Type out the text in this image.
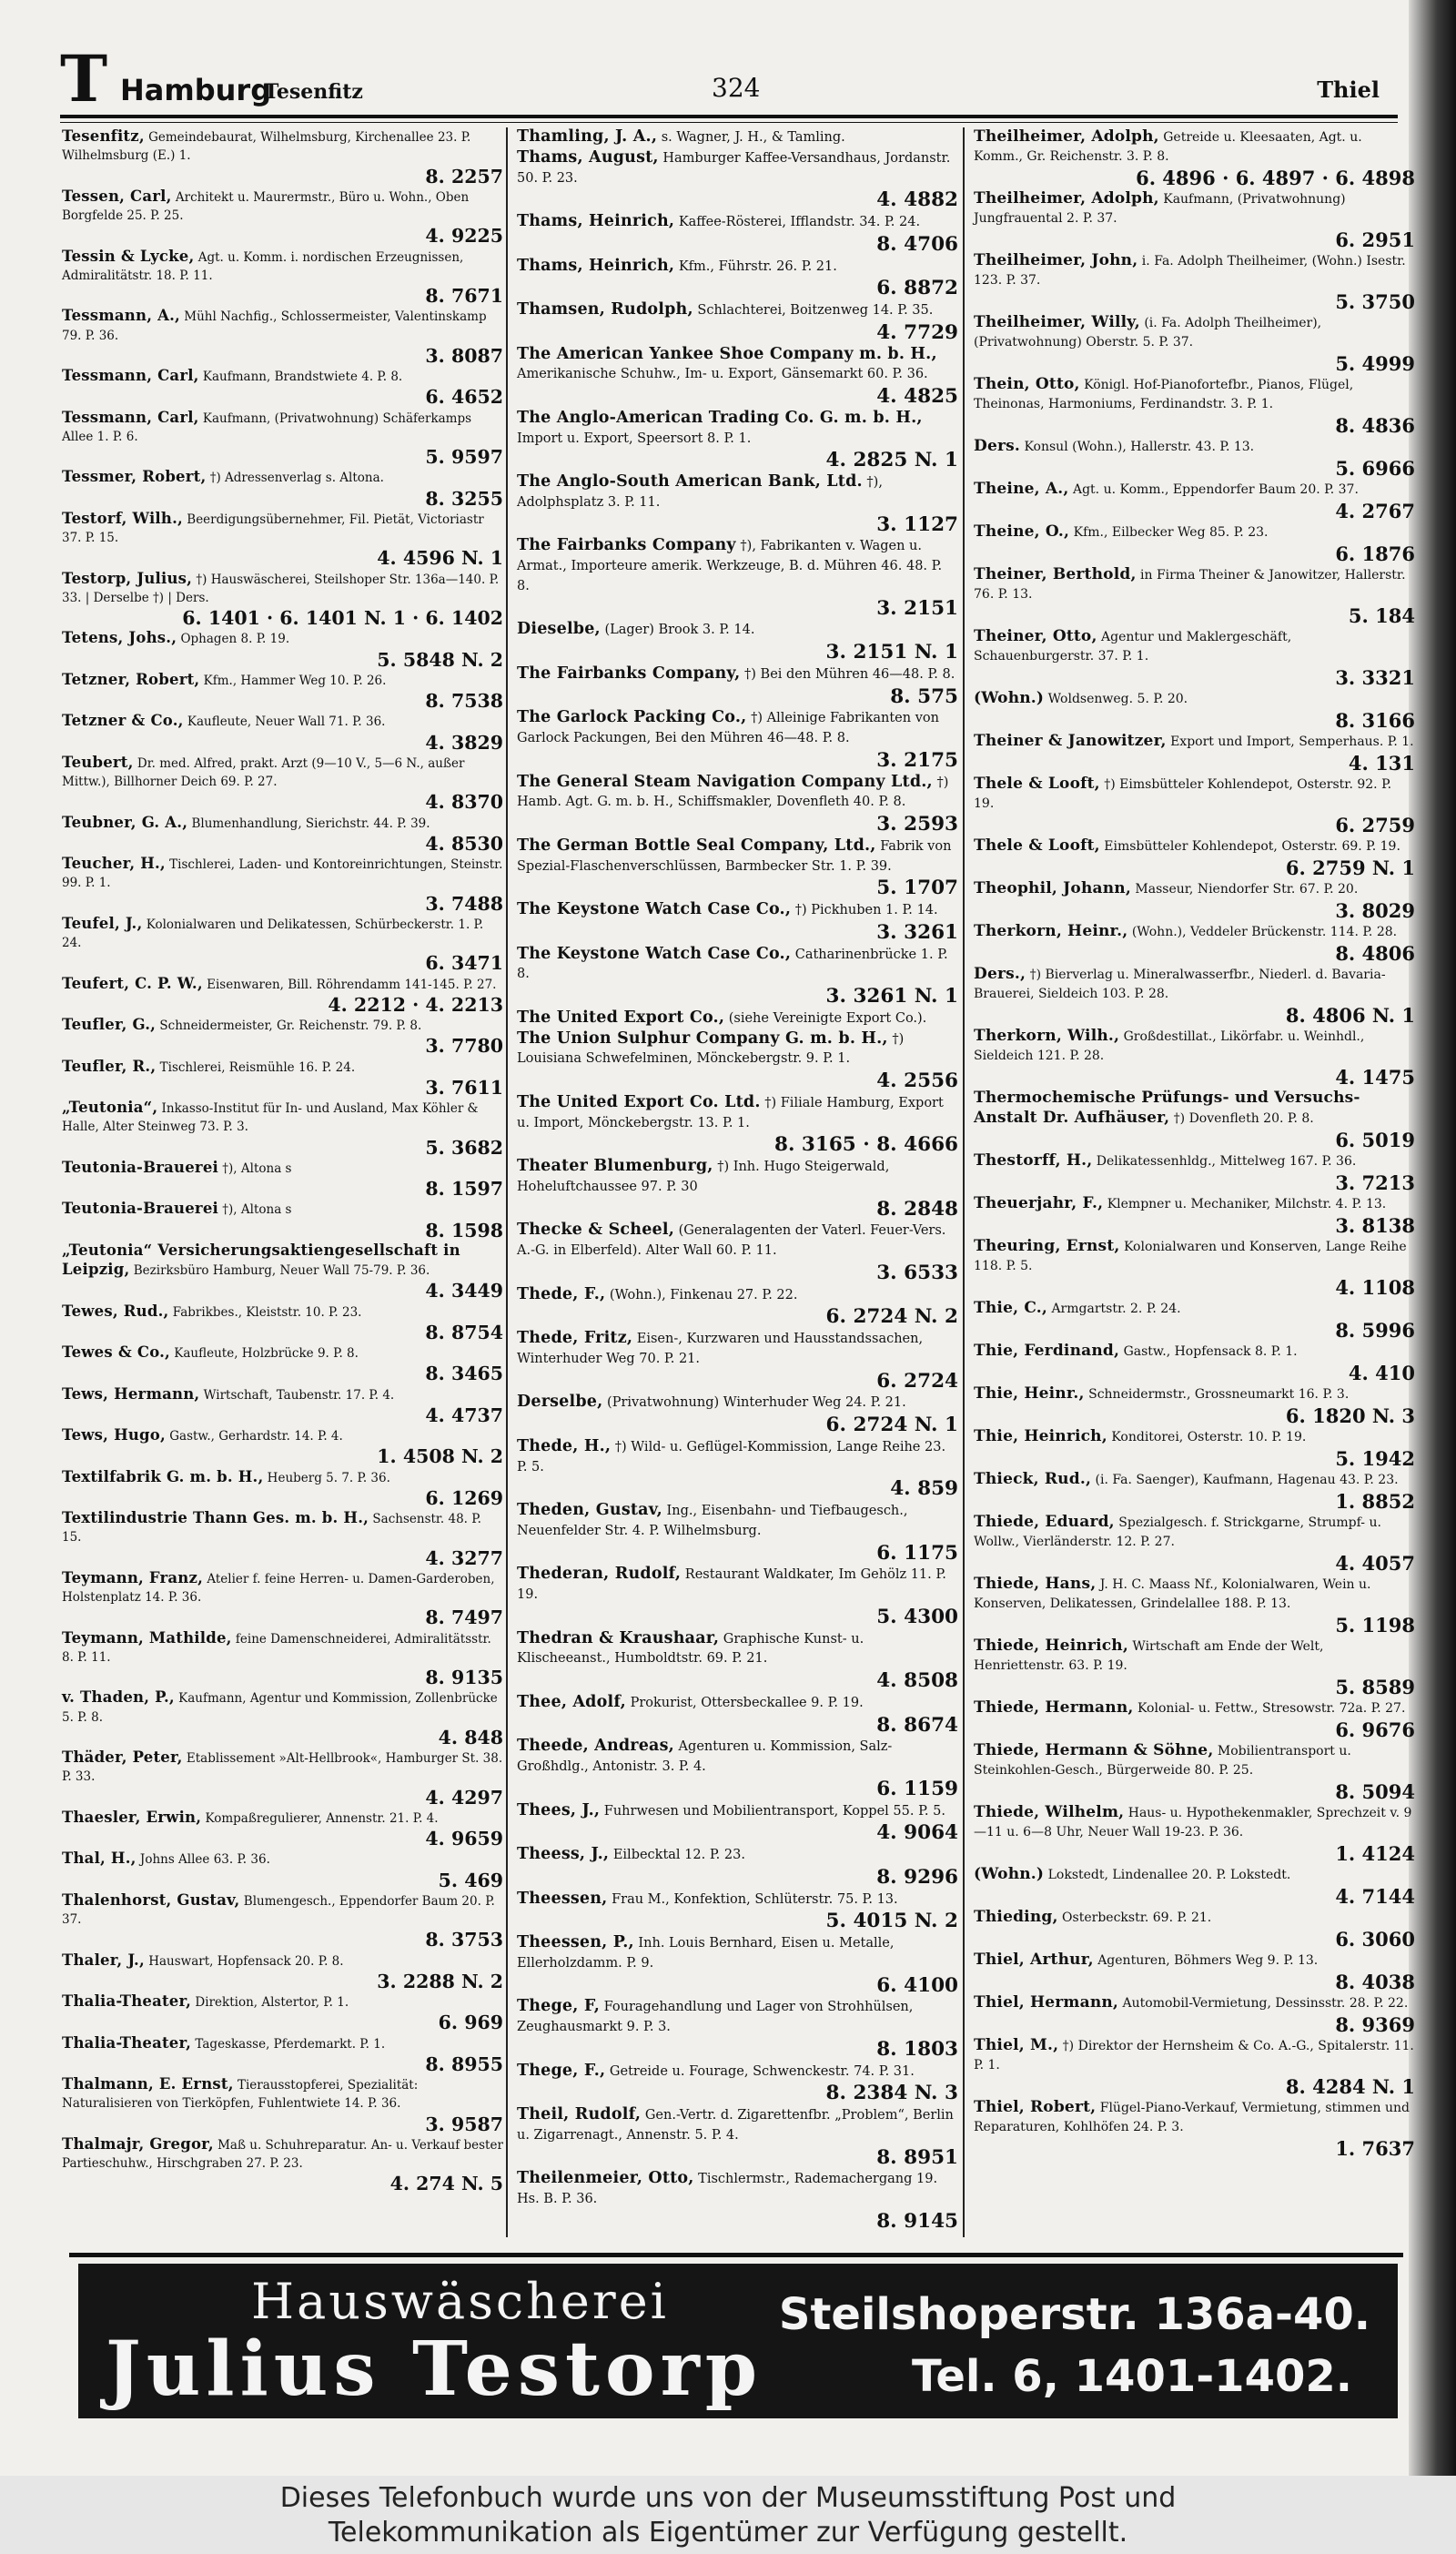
T Hamburg
Tesenfitz	324	Thiel
Tesenfitz, Gemeindebaurat, Wilhelmsburg, Kirchenallee 23. P. Wilhelmsburg (E.) 1.
8. 2257
Tessen, Carl, Architekt u. Maurermstr., Büro u. Wohn., Oben Borgfelde 25. P. 25.
4. 9225
Tessin & Lycke, Agt. u. Komm. i. nordischen Erzeugnissen, Admiralitätstr. 18. P. 11.
8. 7671
Tessmann, A., Mühl Nachfig., Schlossermeister, Valentinskamp 79. P. 36.
3. 8087
Tessmann, Carl, Kaufmann, Brandstwiete 4. P. 8.
6. 4652
Tessmann, Carl, Kaufmann, (Privatwohnung) Schäferkamps Allee 1. P. 6.
5. 9597
Tessmer, Robert, †) Adressenverlag s. Altona.
8. 3255
Testorf, Wilh., Beerdigungsübernehmer, Fil. Pietät, Victoriastr 37. P. 15.
4. 4596 N. 1
Testorp, Julius, †) Hauswäscherei, Steilshoper Str. 136a—140. P. 33. | Derselbe †) | Ders.
6. 1401 · 6. 1401 N. 1 · 6. 1402
Tetens, Johs., Ophagen 8. P. 19.
5. 5848 N. 2
Tetzner, Robert, Kfm., Hammer Weg 10. P. 26.
8. 7538
Tetzner & Co., Kaufleute, Neuer Wall 71. P. 36.
4. 3829
Teubert, Dr. med. Alfred, prakt. Arzt (9—10 V., 5—6 N., außer Mittw.), Billhorner Deich 69. P. 27.
4. 8370
Teubner, G. A., Blumenhandlung, Sierichstr. 44. P. 39.
4. 8530
Teucher, H., Tischlerei, Laden- und Kontoreinrichtungen, Steinstr. 99. P. 1.
3. 7488
Teufel, J., Kolonialwaren und Delikatessen, Schürbeckerstr. 1. P. 24.
6. 3471
Teufert, C. P. W., Eisenwaren, Bill. Röhrendamm 141-145. P. 27.
4. 2212 · 4. 2213
Teufler, G., Schneidermeister, Gr. Reichenstr. 79. P. 8.
3. 7780
Teufler, R., Tischlerei, Reismühle 16. P. 24.
3. 7611
„Teutonia“, Inkasso-Institut für In- und Ausland, Max Köhler & Halle, Alter Steinweg 73. P. 3.
5. 3682
Teutonia-Brauerei †), Altona s
8. 1597
Teutonia-Brauerei †), Altona s
8. 1598
„Teutonia“ Versicherungsaktiengesellschaft in Leipzig, Bezirksbüro Hamburg, Neuer Wall 75-79. P. 36.
4. 3449
Tewes, Rud., Fabrikbes., Kleiststr. 10. P. 23.
8. 8754
Tewes & Co., Kaufleute, Holzbrücke 9. P. 8.
8. 3465
Tews, Hermann, Wirtschaft, Taubenstr. 17. P. 4.
4. 4737
Tews, Hugo, Gastw., Gerhardstr. 14. P. 4.
1. 4508 N. 2
Textilfabrik G. m. b. H., Heuberg 5. 7. P. 36.
6. 1269
Textilindustrie Thann Ges. m. b. H., Sachsenstr. 48. P. 15.
4. 3277
Teymann, Franz, Atelier f. feine Herren- u. Damen-Garderoben, Holstenplatz 14. P. 36.
8. 7497
Teymann, Mathilde, feine Damenschneiderei, Admiralitätsstr. 8. P. 11.
8. 9135
v. Thaden, P., Kaufmann, Agentur und Kommission, Zollenbrücke 5. P. 8.
4. 848
Thäder, Peter, Etablissement »Alt-Hellbrook«, Hamburger St. 38. P. 33.
4. 4297
Thaesler, Erwin, Kompaßregulierer, Annenstr. 21. P. 4.
4. 9659
Thal, H., Johns Allee 63. P. 36.
5. 469
Thalenhorst, Gustav, Blumengesch., Eppendorfer Baum 20. P. 37.
8. 3753
Thaler, J., Hauswart, Hopfensack 20. P. 8.
3. 2288 N. 2
Thalia-Theater, Direktion, Alstertor, P. 1.
6. 969
Thalia-Theater, Tageskasse, Pferdemarkt. P. 1.
8. 8955
Thalmann, E. Ernst, Tierausstopferei, Spezialität: Naturalisieren von Tierköpfen, Fuhlentwiete 14. P. 36.
3. 9587
Thalmajr, Gregor, Maß u. Schuhreparatur. An- u. Verkauf bester Partieschuhw., Hirschgraben 27. P. 23.
4. 274 N. 5
Thamling, J. A., s. Wagner, J. H., & Tamling.
Thams, August, Hamburger Kaffee-Versandhaus, Jordanstr. 50. P. 23.
4. 4882
Thams, Heinrich, Kaffee-Rösterei, Ifflandstr. 34. P. 24.
8. 4706
Thams, Heinrich, Kfm., Führstr. 26. P. 21.
6. 8872
Thamsen, Rudolph, Schlachterei, Boitzenweg 14. P. 35.
4. 7729
The American Yankee Shoe Company m. b. H., Amerikanische Schuhw., Im- u. Export, Gänsemarkt 60. P. 36.
4. 4825
The Anglo-American Trading Co. G. m. b. H., Import u. Export, Speersort 8. P. 1.
4. 2825 N. 1
The Anglo-South American Bank, Ltd. †), Adolphsplatz 3. P. 11.
3. 1127
The Fairbanks Company †), Fabrikanten v. Wagen u. Armat., Importeure amerik. Werkzeuge, B. d. Mühren 46. 48. P. 8.
3. 2151
Dieselbe, (Lager) Brook 3. P. 14.
3. 2151 N. 1
The Fairbanks Company, †) Bei den Mühren 46—48. P. 8.
8. 575
The Garlock Packing Co., †) Alleinige Fabrikanten von Garlock Packungen, Bei den Mühren 46—48. P. 8.
3. 2175
The General Steam Navigation Company Ltd., †) Hamb. Agt. G. m. b. H., Schiffsmakler, Dovenfleth 40. P. 8.
3. 2593
The German Bottle Seal Company, Ltd., Fabrik von Spezial-Flaschenverschlüssen, Barmbecker Str. 1. P. 39.
5. 1707
The Keystone Watch Case Co., †) Pickhuben 1. P. 14.
3. 3261
The Keystone Watch Case Co., Catharinenbrücke 1. P. 8.
3. 3261 N. 1
The United Export Co., (siehe Vereinigte Export Co.).
The Union Sulphur Company G. m. b. H., †) Louisiana Schwefelminen, Mönckebergstr. 9. P. 1.
4. 2556
The United Export Co. Ltd. †) Filiale Hamburg, Export u. Import, Mönckebergstr. 13. P. 1.
8. 3165 · 8. 4666
Theater Blumenburg, †) Inh. Hugo Steigerwald, Hoheluftchaussee 97. P. 30
8. 2848
Thecke & Scheel, (Generalagenten der Vaterl. Feuer-Vers. A.-G. in Elberfeld). Alter Wall 60. P. 11.
3. 6533
Thede, F., (Wohn.), Finkenau 27. P. 22.
6. 2724 N. 2
Thede, Fritz, Eisen-, Kurzwaren und Hausstandssachen, Winterhuder Weg 70. P. 21.
6. 2724
Derselbe, (Privatwohnung) Winterhuder Weg 24. P. 21.
6. 2724 N. 1
Thede, H., †) Wild- u. Geflügel-Kommission, Lange Reihe 23. P. 5.
4. 859
Theden, Gustav, Ing., Eisenbahn- und Tiefbaugesch., Neuenfelder Str. 4. P. Wilhelmsburg.
6. 1175
Thederan, Rudolf, Restaurant Waldkater, Im Gehölz 11. P. 19.
5. 4300
Thedran & Kraushaar, Graphische Kunst- u. Klischeeanst., Humboldtstr. 69. P. 21.
4. 8508
Thee, Adolf, Prokurist, Ottersbeckallee 9. P. 19.
8. 8674
Theede, Andreas, Agenturen u. Kommission, Salz-Großhdlg., Antonistr. 3. P. 4.
6. 1159
Thees, J., Fuhrwesen und Mobilientransport, Koppel 55. P. 5.
4. 9064
Theess, J., Eilbecktal 12. P. 23.
8. 9296
Theessen, Frau M., Konfektion, Schlüterstr. 75. P. 13.
5. 4015 N. 2
Theessen, P., Inh. Louis Bernhard, Eisen u. Metalle, Ellerholzdamm. P. 9.
6. 4100
Thege, F, Fouragehandlung und Lager von Strohhülsen, Zeughausmarkt 9. P. 3.
8. 1803
Thege, F., Getreide u. Fourage, Schwenckestr. 74. P. 31.
8. 2384 N. 3
Theil, Rudolf, Gen.-Vertr. d. Zigarettenfbr. „Problem“, Berlin u. Zigarrenagt., Annenstr. 5. P. 4.
8. 8951
Theilenmeier, Otto, Tischlermstr., Rademachergang 19. Hs. B. P. 36.
8. 9145
Theilheimer, Adolph, Getreide u. Kleesaaten, Agt. u. Komm., Gr. Reichenstr. 3. P. 8.
6. 4896 · 6. 4897 · 6. 4898
Theilheimer, Adolph, Kaufmann, (Privatwohnung) Jungfrauental 2. P. 37.
6. 2951
Theilheimer, John, i. Fa. Adolph Theilheimer, (Wohn.) Isestr. 123. P. 37.
5. 3750
Theilheimer, Willy, (i. Fa. Adolph Theilheimer), (Privatwohnung) Oberstr. 5. P. 37.
5. 4999
Thein, Otto, Königl. Hof-Pianofortefbr., Pianos, Flügel, Theinonas, Harmoniums, Ferdinandstr. 3. P. 1.
8. 4836
Ders. Konsul (Wohn.), Hallerstr. 43. P. 13.
5. 6966
Theine, A., Agt. u. Komm., Eppendorfer Baum 20. P. 37.
4. 2767
Theine, O., Kfm., Eilbecker Weg 85. P. 23.
6. 1876
Theiner, Berthold, in Firma Theiner & Janowitzer, Hallerstr. 76. P. 13.
5. 184
Theiner, Otto, Agentur und Maklergeschäft, Schauenburgerstr. 37. P. 1.
3. 3321
(Wohn.) Woldsenweg. 5. P. 20.
8. 3166
Theiner & Janowitzer, Export und Import, Semperhaus. P. 1.
4. 131
Thele & Looft, †) Eimsbütteler Kohlendepot, Osterstr. 92. P. 19.
6. 2759
Thele & Looft, Eimsbütteler Kohlendepot, Osterstr. 69. P. 19.
6. 2759 N. 1
Theophil, Johann, Masseur, Niendorfer Str. 67. P. 20.
3. 8029
Therkorn, Heinr., (Wohn.), Veddeler Brückenstr. 114. P. 28.
8. 4806
Ders., †) Bierverlag u. Mineralwasserfbr., Niederl. d. Bavaria-Brauerei, Sieldeich 103. P. 28.
8. 4806 N. 1
Therkorn, Wilh., Großdestillat., Likörfabr. u. Weinhdl., Sieldeich 121. P. 28.
4. 1475
Thermochemische Prüfungs- und Versuchs-Anstalt Dr. Aufhäuser, †) Dovenfleth 20. P. 8.
6. 5019
Thestorff, H., Delikatessenhldg., Mittelweg 167. P. 36.
3. 7213
Theuerjahr, F., Klempner u. Mechaniker, Milchstr. 4. P. 13.
3. 8138
Theuring, Ernst, Kolonialwaren und Konserven, Lange Reihe 118. P. 5.
4. 1108
Thie, C., Armgartstr. 2. P. 24.
8. 5996
Thie, Ferdinand, Gastw., Hopfensack 8. P. 1.
4. 410
Thie, Heinr., Schneidermstr., Grossneumarkt 16. P. 3.
6. 1820 N. 3
Thie, Heinrich, Konditorei, Osterstr. 10. P. 19.
5. 1942
Thieck, Rud., (i. Fa. Saenger), Kaufmann, Hagenau 43. P. 23.
1. 8852
Thiede, Eduard, Spezialgesch. f. Strickgarne, Strumpf- u. Wollw., Vierländerstr. 12. P. 27.
4. 4057
Thiede, Hans, J. H. C. Maass Nf., Kolonialwaren, Wein u. Konserven, Delikatessen, Grindelallee 188. P. 13.
5. 1198
Thiede, Heinrich, Wirtschaft am Ende der Welt, Henriettenstr. 63. P. 19.
5. 8589
Thiede, Hermann, Kolonial- u. Fettw., Stresowstr. 72a. P. 27.
6. 9676
Thiede, Hermann & Söhne, Mobilientransport u. Steinkohlen-Gesch., Bürgerweide 80. P. 25.
8. 5094
Thiede, Wilhelm, Haus- u. Hypothekenmakler, Sprechzeit v. 9—11 u. 6—8 Uhr, Neuer Wall 19-23. P. 36.
1. 4124
(Wohn.) Lokstedt, Lindenallee 20. P. Lokstedt.
4. 7144
Thieding, Osterbeckstr. 69. P. 21.
6. 3060
Thiel, Arthur, Agenturen, Böhmers Weg 9. P. 13.
8. 4038
Thiel, Hermann, Automobil-Vermietung, Dessinsstr. 28. P. 22.
8. 9369
Thiel, M., †) Direktor der Hernsheim & Co. A.-G., Spitalerstr. 11. P. 1.
8. 4284 N. 1
Thiel, Robert, Flügel-Piano-Verkauf, Vermietung, stimmen und Reparaturen, Kohlhöfen 24. P. 3.
1. 7637
Hauswäscherei
Julius Testorp
Steilshoperstr. 136a-40.
Tel. 6, 1401-1402.
Dieses Telefonbuch wurde uns von der Museumsstiftung Post und
Telekommunikation als Eigentümer zur Verfügung gestellt.
